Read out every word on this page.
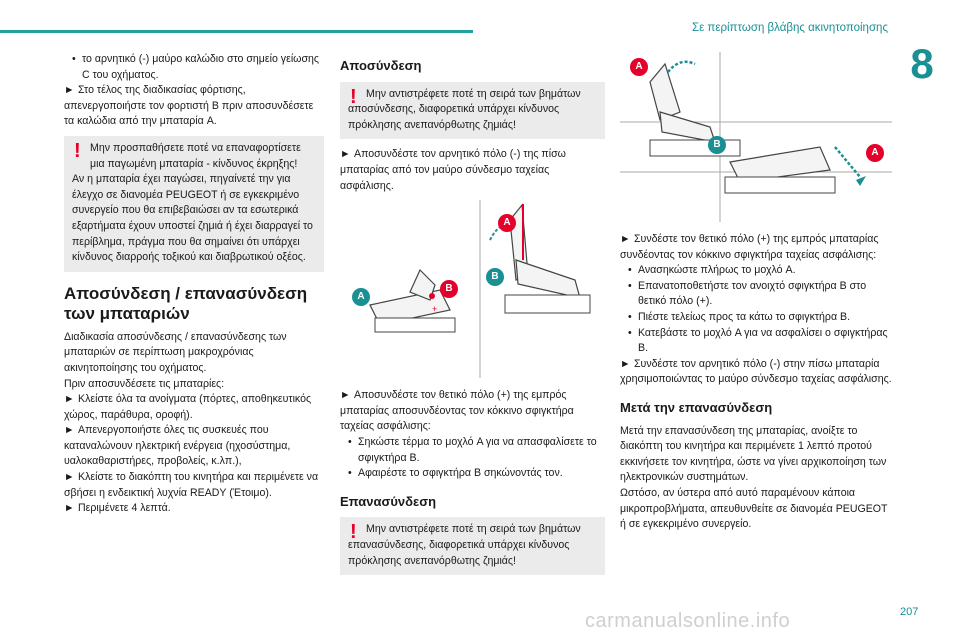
Σε περίπτωση βλάβης ακινητοποίησης
8

• το αρνητικό (-) μαύρο καλώδιο στο σημείο γείωσης C του οχήματος.

► Στο τέλος της διαδικασίας φόρτισης, απενεργοποιήστε τον φορτιστή B πριν αποσυνδέσετε τα καλώδια από την μπαταρία A.

! Μην προσπαθήσετε ποτέ να επαναφορτίσετε μια παγωμένη μπαταρία - κίνδυνος έκρηξης!

Αν η μπαταρία έχει παγώσει, πηγαίνετέ την για έλεγχο σε διανομέα PEUGEOT ή σε εγκεκριμένο συνεργείο που θα επιβεβαιώσει αν τα εσωτερικά εξαρτήματα έχουν υποστεί ζημιά ή έχει διαρραγεί το περίβλημα, πράγμα που θα σημαίνει ότι υπάρχει κίνδυνος διαρροής τοξικού και διαβρωτικού οξέος.

Αποσύνδεση / επανασύνδεση των μπαταριών

Διαδικασία αποσύνδεσης / επανασύνδεσης των μπαταριών σε περίπτωση μακροχρόνιας ακινητοποίησης του οχήματος.

Πριν αποσυνδέσετε τις μπαταρίες:

► Κλείστε όλα τα ανοίγματα (πόρτες, αποθηκευτικός χώρος, παράθυρα, οροφή).

► Απενεργοποιήστε όλες τις συσκευές που καταναλώνουν ηλεκτρική ενέργεια (ηχοσύστημα, υαλοκαθαριστήρες, προβολείς, κ.λπ.),

► Κλείστε το διακόπτη του κινητήρα και περιμένετε να σβήσει η ενδεικτική λυχνία READY (Έτοιμο).

► Περιμένετε 4 λεπτά.

Αποσύνδεση
! Μην αντιστρέφετε ποτέ τη σειρά των βημάτων

αποσύνδεσης, διαφορετικά υπάρχει κίνδυνος πρόκλησης ανεπανόρθωτης ζημιάς!

► Αποσυνδέστε τον αρνητικό πόλο (-) της πίσω μπαταρίας από τον μαύρο σύνδεσμο ταχείας ασφάλισης.

+
A
B
A
B

► Αποσυνδέστε τον θετικό πόλο (+) της εμπρός μπαταρίας αποσυνδέοντας τον κόκκινο σφιγκτήρα ταχείας ασφάλισης:

• Σηκώστε τέρμα το μοχλό A για να απασφαλίσετε το σφιγκτήρα B.

• Αφαιρέστε το σφιγκτήρα B σηκώνοντάς τον.

Επανασύνδεση
! Μην αντιστρέφετε ποτέ τη σειρά των βημάτων

επανασύνδεσης, διαφορετικά υπάρχει κίνδυνος πρόκλησης ανεπανόρθωτης ζημιάς!

A
B
A

► Συνδέστε τον θετικό πόλο (+) της εμπρός μπαταρίας συνδέοντας τον κόκκινο σφιγκτήρα ταχείας ασφάλισης:

• Ανασηκώστε πλήρως το μοχλό A.

• Επανατοποθετήστε τον ανοιχτό σφιγκτήρα B στο θετικό πόλο (+).

• Πιέστε τελείως προς τα κάτω το σφιγκτήρα B.

• Κατεβάστε το μοχλό A για να ασφαλίσει ο σφιγκτήρας B.

► Συνδέστε τον αρνητικό πόλο (-) στην πίσω μπαταρία χρησιμοποιώντας το μαύρο σύνδεσμο ταχείας ασφάλισης.

Μετά την επανασύνδεση

Μετά την επανασύνδεση της μπαταρίας, ανοίξτε το διακόπτη του κινητήρα και περιμένετε 1 λεπτό προτού εκκινήσετε τον κινητήρα, ώστε να γίνει αρχικοποίηση των ηλεκτρονικών συστημάτων.

Ωστόσο, αν ύστερα από αυτό παραμένουν κάποια μικροπροβλήματα, απευθυνθείτε σε διανομέα PEUGEOT ή σε εγκεκριμένο συνεργείο.

carmanualsonline.info	207
